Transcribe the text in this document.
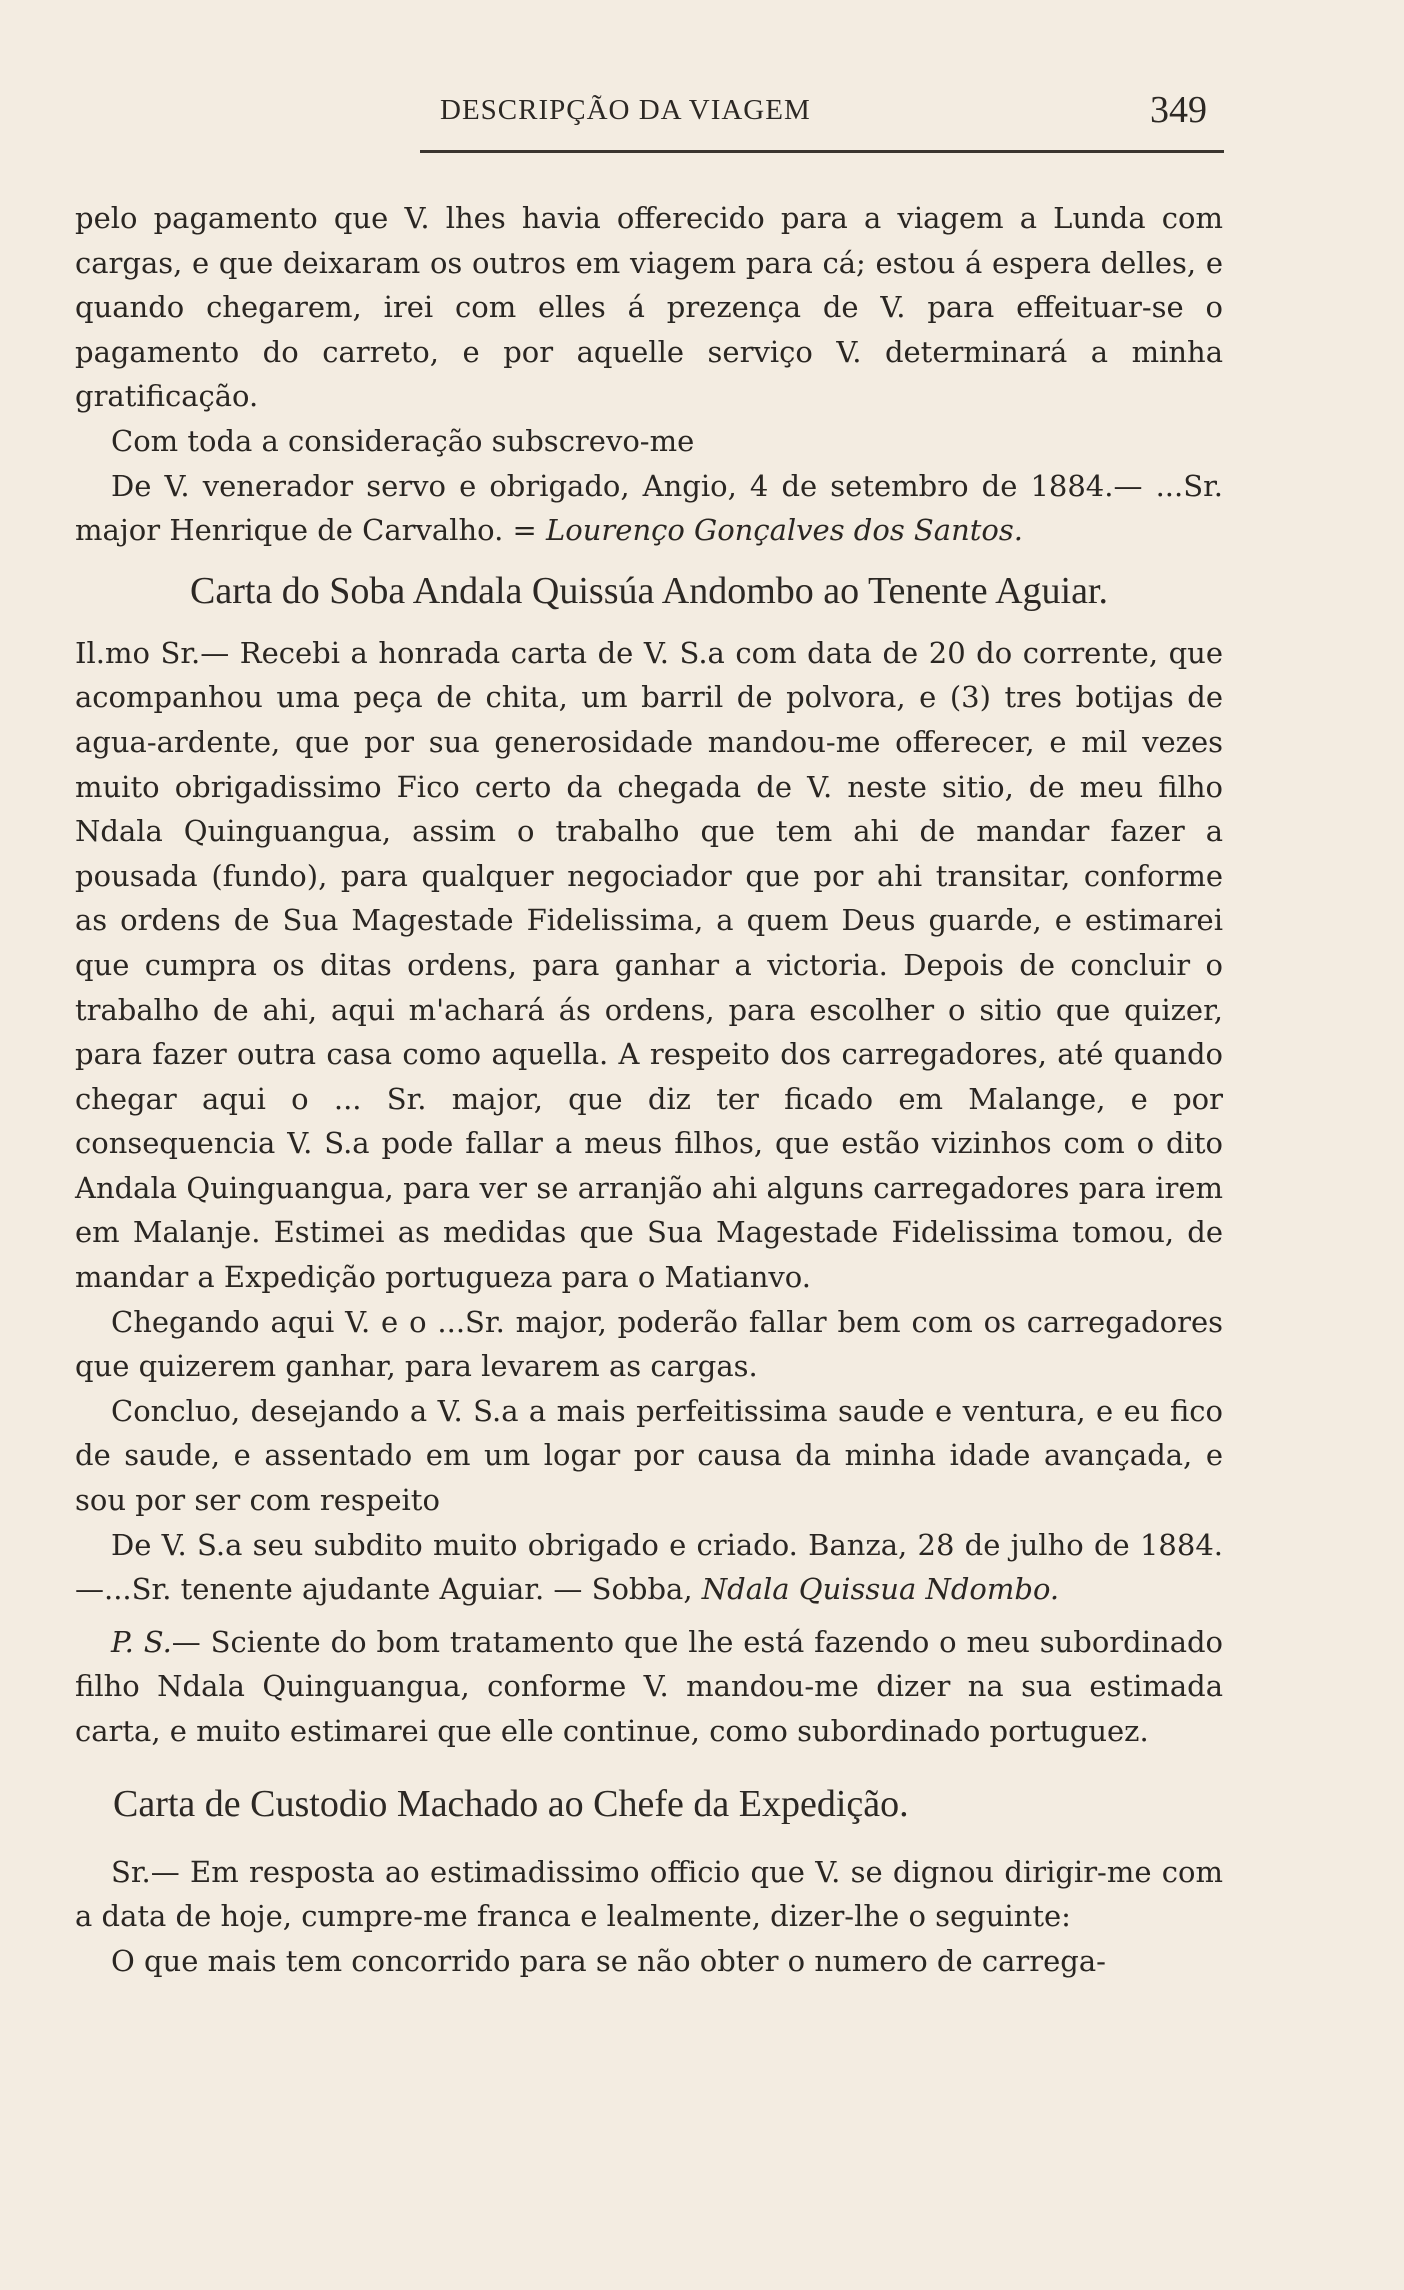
DESCRIPÇÃO DA VIAGEM	349

pelo pagamento que V. lhes havia offerecido para a viagem a Lunda com cargas, e que deixaram os outros em viagem para cá; estou á espera delles, e quando chegarem, irei com elles á prezença de V. para effeituar-se o pagamento do carreto, e por aquelle serviço V. determinará a minha gratificação.

Com toda a consideração subscrevo-me

De V. venerador servo e obrigado, Angio, 4 de setembro de 1884.— ...Sr. major Henrique de Carvalho. = Lourenço Gonçalves dos Santos.

Carta do Soba Andala Quissúa Andombo ao Tenente Aguiar.

Il.mo Sr.— Recebi a honrada carta de V. S.a com data de 20 do corrente, que acompanhou uma peça de chita, um barril de polvora, e (3) tres botijas de agua-ardente, que por sua generosidade mandou-me offerecer, e mil vezes muito obrigadissimo Fico certo da chegada de V. neste sitio, de meu filho Ndala Quinguangua, assim o trabalho que tem ahi de mandar fazer a pousada (fundo), para qualquer negociador que por ahi transitar, conforme as ordens de Sua Magestade Fidelissima, a quem Deus guarde, e estimarei que cumpra os ditas ordens, para ganhar a victoria. Depois de concluir o trabalho de ahi, aqui m'achará ás ordens, para escolher o sitio que quizer, para fazer outra casa como aquella. A respeito dos carregadores, até quando chegar aqui o ... Sr. major, que diz ter ficado em Malange, e por consequencia V. S.a pode fallar a meus filhos, que estão vizinhos com o dito Andala Quinguangua, para ver se arranjão ahi alguns carregadores para irem em Malanje. Estimei as medidas que Sua Magestade Fidelissima tomou, de mandar a Expedição portugueza para o Matianvo.

Chegando aqui V. e o ...Sr. major, poderão fallar bem com os carregadores que quizerem ganhar, para levarem as cargas.

Concluo, desejando a V. S.a a mais perfeitissima saude e ventura, e eu fico de saude, e assentado em um logar por causa da minha idade avançada, e sou por ser com respeito

De V. S.a seu subdito muito obrigado e criado. Banza, 28 de julho de 1884. —...Sr. tenente ajudante Aguiar. — Sobba, Ndala Quissua Ndombo.

P. S.— Sciente do bom tratamento que lhe está fazendo o meu subordinado filho Ndala Quinguangua, conforme V. mandou-me dizer na sua estimada carta, e muito estimarei que elle continue, como subordinado portuguez.

Carta de Custodio Machado ao Chefe da Expedição.

Sr.— Em resposta ao estimadissimo officio que V. se dignou dirigir-me com a data de hoje, cumpre-me franca e lealmente, dizer-lhe o seguinte:

O que mais tem concorrido para se não obter o numero de carrega-
